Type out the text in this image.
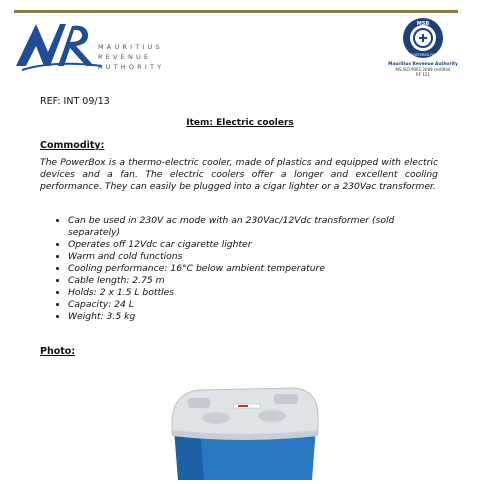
MAURITIUS
REVENUE
AUTHORITY
MSB
REGISTERED FIRM
Mauritius Revenue Authority
MS ISO 9001:2008 certified
RF 121
REF: INT 09/13
Item: Electric coolers
Commodity:
The PowerBox is a thermo-electric cooler, made of plastics and equipped with electric devices and a fan. The electric coolers offer a longer and excellent cooling performance. They can easily be plugged into a cigar lighter or a 230Vac transformer.
• Can be used in 230V ac mode with an 230Vac/12Vdc transformer (sold separately)
• Operates off 12Vdc car cigarette lighter
• Warm and cold functions
• Cooling performance: 16°C below ambient temperature
• Cable length: 2.75 m
• Holds: 2 x 1.5 L bottles
• Capacity: 24 L
• Weight: 3.5 kg
Photo:
